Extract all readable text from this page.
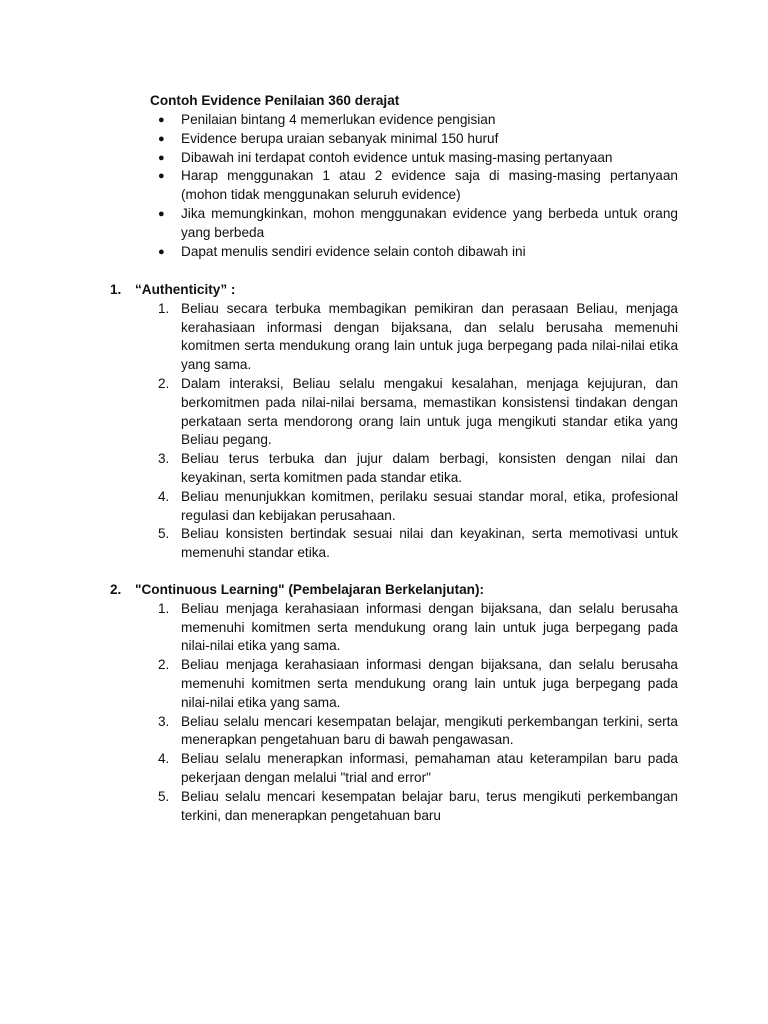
Contoh Evidence Penilaian 360 derajat
● Penilaian bintang 4 memerlukan evidence pengisian
● Evidence berupa uraian sebanyak minimal 150 huruf
● Dibawah ini terdapat contoh evidence untuk masing-masing pertanyaan
● Harap menggunakan 1 atau 2 evidence saja di masing-masing pertanyaan (mohon tidak menggunakan seluruh evidence)
● Jika memungkinkan, mohon menggunakan evidence yang berbeda untuk orang yang berbeda
● Dapat menulis sendiri evidence selain contoh dibawah ini
1. “Authenticity” :
1. Beliau secara terbuka membagikan pemikiran dan perasaan Beliau, menjaga kerahasiaan informasi dengan bijaksana, dan selalu berusaha memenuhi komitmen serta mendukung orang lain untuk juga berpegang pada nilai-nilai etika yang sama.
2. Dalam interaksi, Beliau selalu mengakui kesalahan, menjaga kejujuran, dan berkomitmen pada nilai-nilai bersama, memastikan konsistensi tindakan dengan perkataan serta mendorong orang lain untuk juga mengikuti standar etika yang Beliau pegang.
3. Beliau terus terbuka dan jujur dalam berbagi, konsisten dengan nilai dan keyakinan, serta komitmen pada standar etika.
4. Beliau menunjukkan komitmen, perilaku sesuai standar moral, etika, profesional regulasi dan kebijakan perusahaan.
5. Beliau konsisten bertindak sesuai nilai dan keyakinan, serta memotivasi untuk memenuhi standar etika.
2. "Continuous Learning" (Pembelajaran Berkelanjutan):
1. Beliau menjaga kerahasiaan informasi dengan bijaksana, dan selalu berusaha memenuhi komitmen serta mendukung orang lain untuk juga berpegang pada nilai-nilai etika yang sama.
2. Beliau menjaga kerahasiaan informasi dengan bijaksana, dan selalu berusaha memenuhi komitmen serta mendukung orang lain untuk juga berpegang pada nilai-nilai etika yang sama.
3. Beliau selalu mencari kesempatan belajar, mengikuti perkembangan terkini, serta menerapkan pengetahuan baru di bawah pengawasan.
4. Beliau selalu menerapkan informasi, pemahaman atau keterampilan baru pada pekerjaan dengan melalui "trial and error"
5. Beliau selalu mencari kesempatan belajar baru, terus mengikuti perkembangan terkini, dan menerapkan pengetahuan baru
